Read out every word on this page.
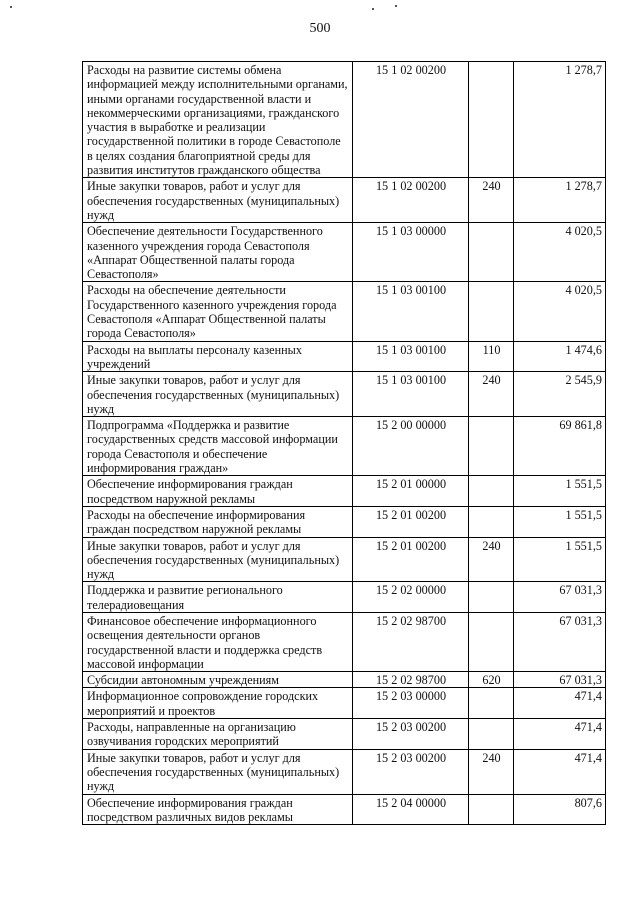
500
Расходы на развитие системы обмена информацией между исполнительными органами, иными органами государственной власти и некоммерческими организациями, гражданского участия в выработке и реализации государственной политики в городе Севастополе в целях создания благоприятной среды для развития институтов гражданского общества	15 1 02 00200		1 278,7
Иные закупки товаров, работ и услуг для обеспечения государственных (муниципальных) нужд	15 1 02 00200	240	1 278,7
Обеспечение деятельности Государственного казенного учреждения города Севастополя «Аппарат Общественной палаты города Севастополя»	15 1 03 00000		4 020,5
Расходы на обеспечение деятельности Государственного казенного учреждения города Севастополя «Аппарат Общественной палаты города Севастополя»	15 1 03 00100		4 020,5
Расходы на выплаты персоналу казенных учреждений	15 1 03 00100	110	1 474,6
Иные закупки товаров, работ и услуг для обеспечения государственных (муниципальных) нужд	15 1 03 00100	240	2 545,9
Подпрограмма «Поддержка и развитие государственных средств массовой информации города Севастополя и обеспечение информирования граждан»	15 2 00 00000		69 861,8
Обеспечение информирования граждан посредством наружной рекламы	15 2 01 00000		1 551,5
Расходы на обеспечение информирования граждан посредством наружной рекламы	15 2 01 00200		1 551,5
Иные закупки товаров, работ и услуг для обеспечения государственных (муниципальных) нужд	15 2 01 00200	240	1 551,5
Поддержка и развитие регионального телерадиовещания	15 2 02 00000		67 031,3
Финансовое обеспечение информационного освещения деятельности органов государственной власти и поддержка средств массовой информации	15 2 02 98700		67 031,3
Субсидии автономным учреждениям	15 2 02 98700	620	67 031,3
Информационное сопровождение городских мероприятий и проектов	15 2 03 00000		471,4
Расходы, направленные на организацию озвучивания городских мероприятий	15 2 03 00200		471,4
Иные закупки товаров, работ и услуг для обеспечения государственных (муниципальных) нужд	15 2 03 00200	240	471,4
Обеспечение информирования граждан посредством различных видов рекламы	15 2 04 00000		807,6
